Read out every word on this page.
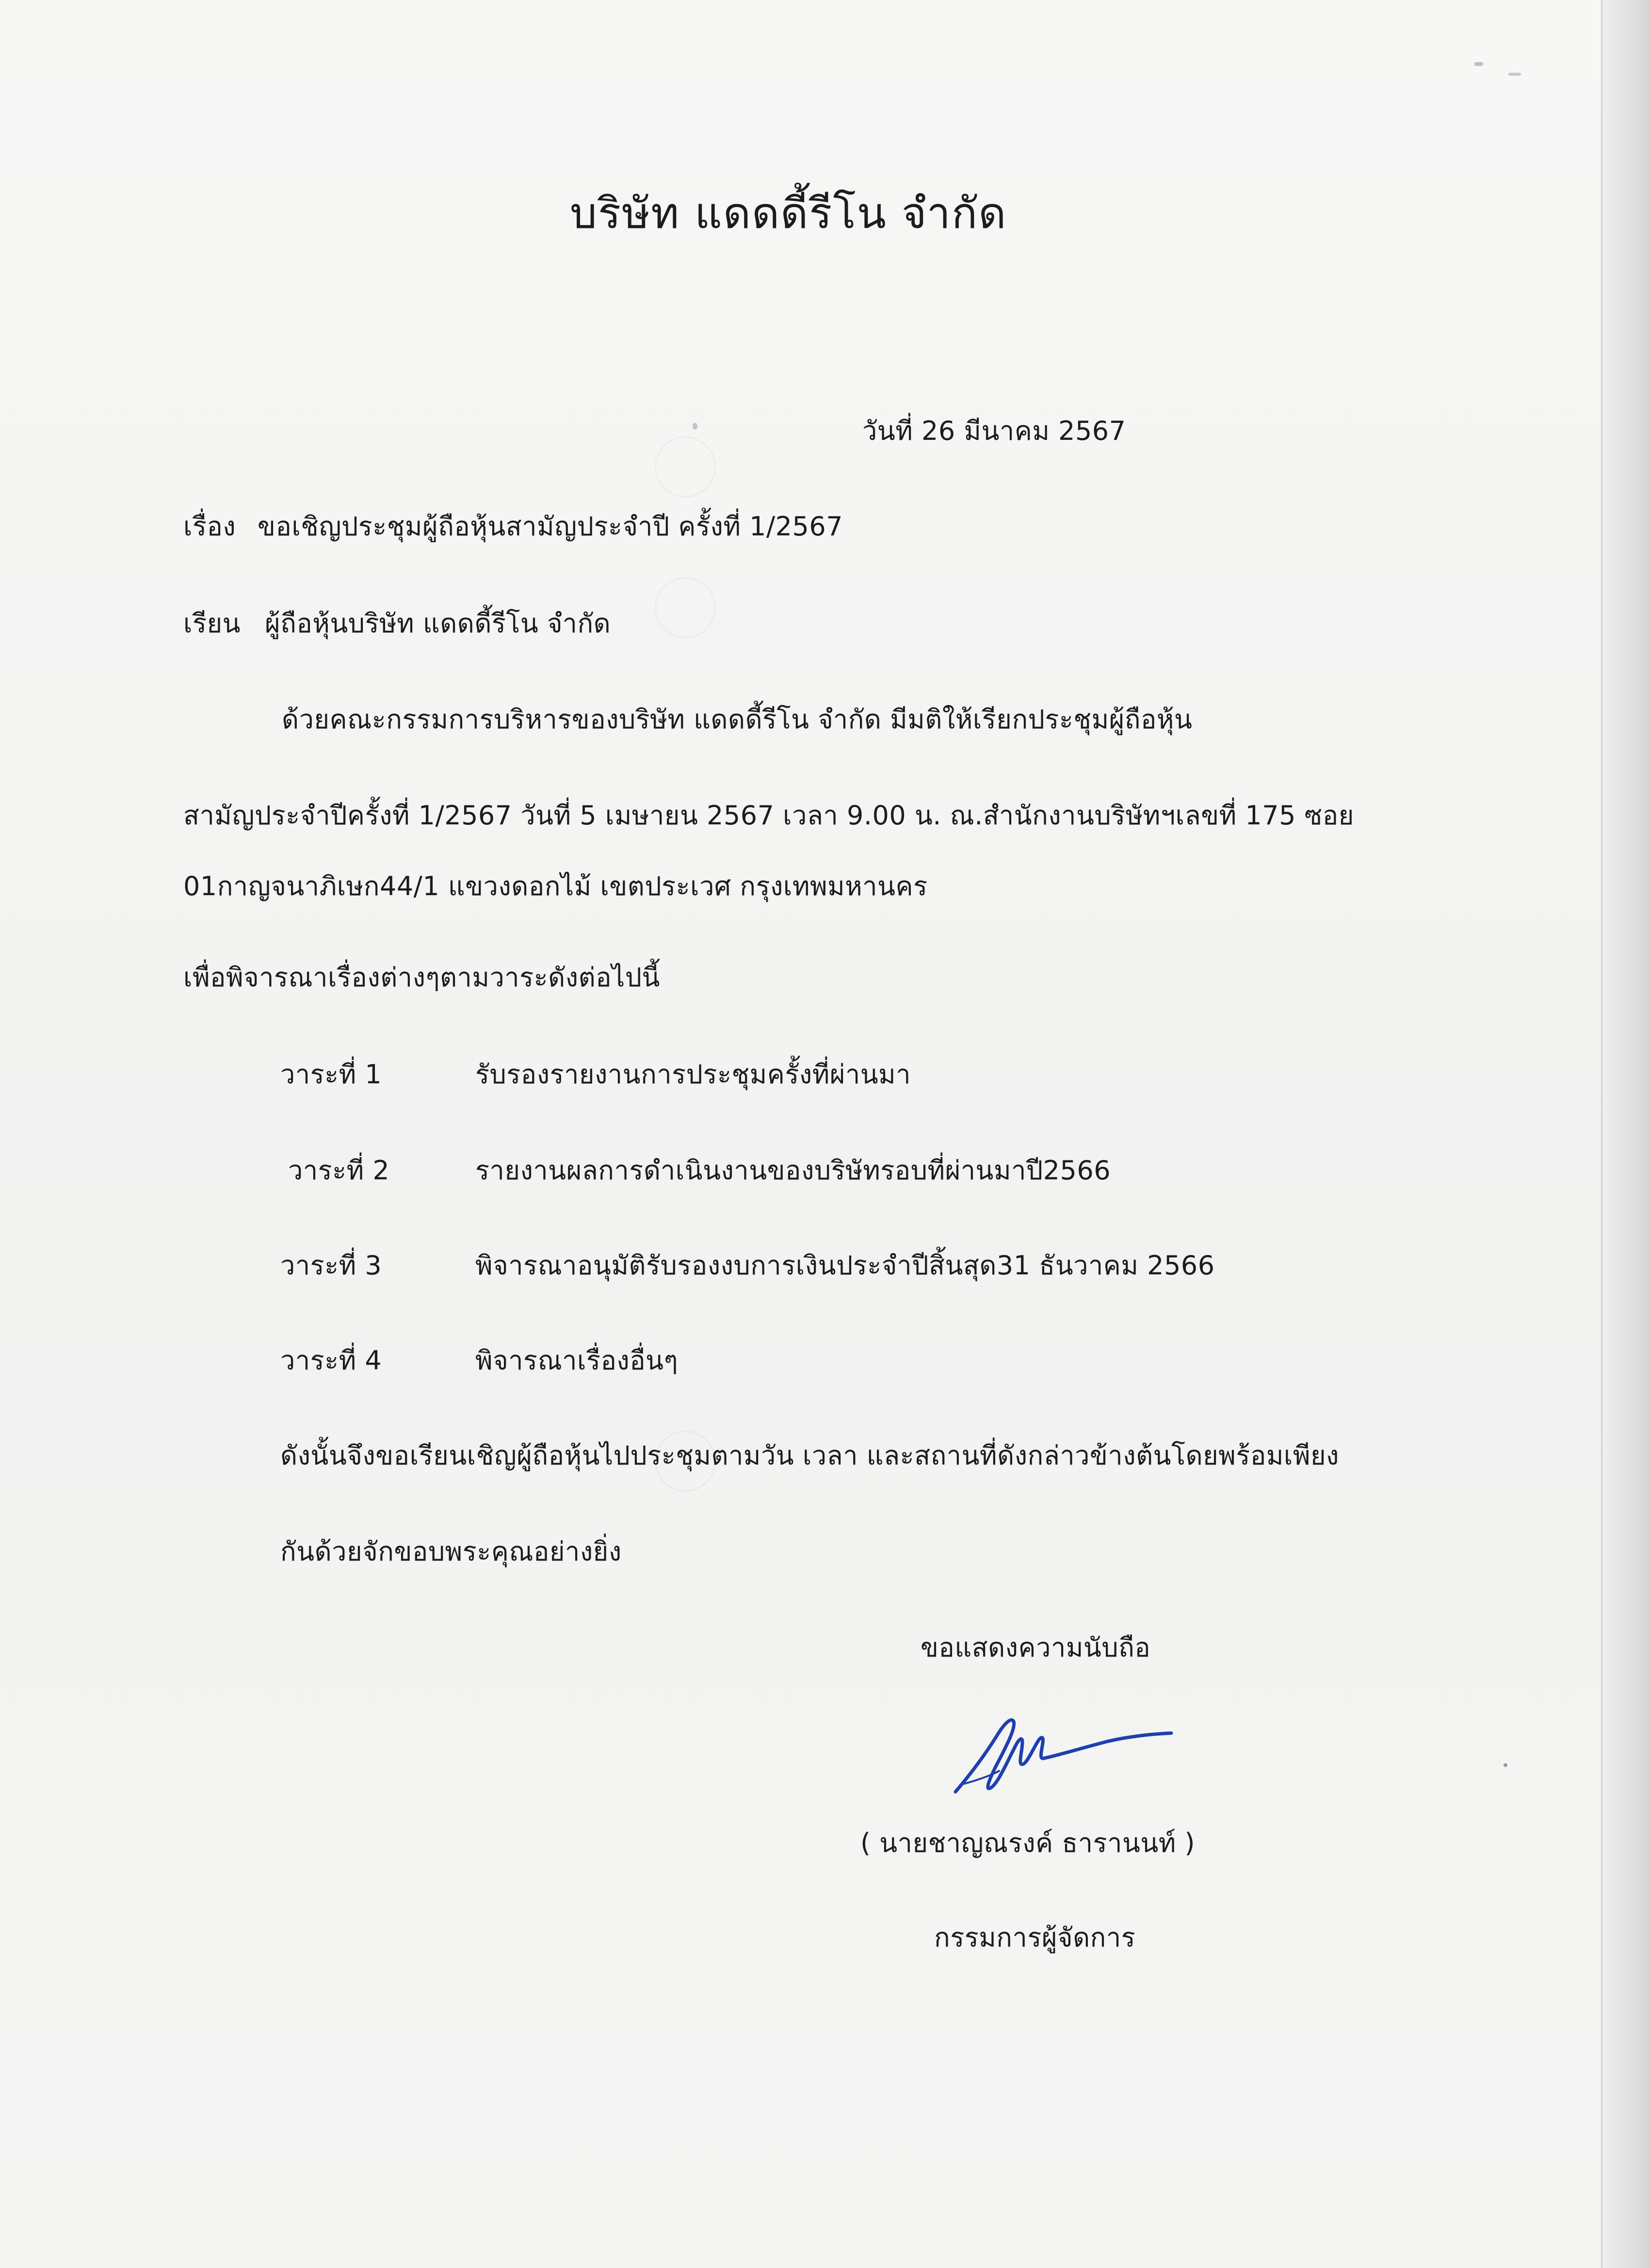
บริษัท แดดดี้รีโน จำกัด
วันที่ 26 มีนาคม 2567
เรื่อง ขอเชิญประชุมผู้ถือหุ้นสามัญประจำปี ครั้งที่ 1/2567
เรียน ผู้ถือหุ้นบริษัท แดดดี้รีโน จำกัด
ด้วยคณะกรรมการบริหารของบริษัท แดดดี้รีโน จำกัด มีมติให้เรียกประชุมผู้ถือหุ้น
สามัญประจำปีครั้งที่ 1/2567 วันที่ 5 เมษายน 2567 เวลา 9.00 น. ณ.สำนักงานบริษัทฯเลขที่ 175 ซอย
01กาญจนาภิเษก44/1 แขวงดอกไม้ เขตประเวศ กรุงเทพมหานคร
เพื่อพิจารณาเรื่องต่างๆตามวาระดังต่อไปนี้
วาระที่ 1	รับรองรายงานการประชุมครั้งที่ผ่านมา
วาระที่ 2	รายงานผลการดำเนินงานของบริษัทรอบที่ผ่านมาปี2566
วาระที่ 3	พิจารณาอนุมัติรับรองงบการเงินประจำปีสิ้นสุด31 ธันวาคม 2566
วาระที่ 4	พิจารณาเรื่องอื่นๆ
ดังนั้นจึงขอเรียนเชิญผู้ถือหุ้นไปประชุมตามวัน เวลา และสถานที่ดังกล่าวข้างต้นโดยพร้อมเพียง
กันด้วยจักขอบพระคุณอย่างยิ่ง
ขอแสดงความนับถือ
( นายชาญณรงค์ ธารานนท์ )
กรรมการผู้จัดการ
